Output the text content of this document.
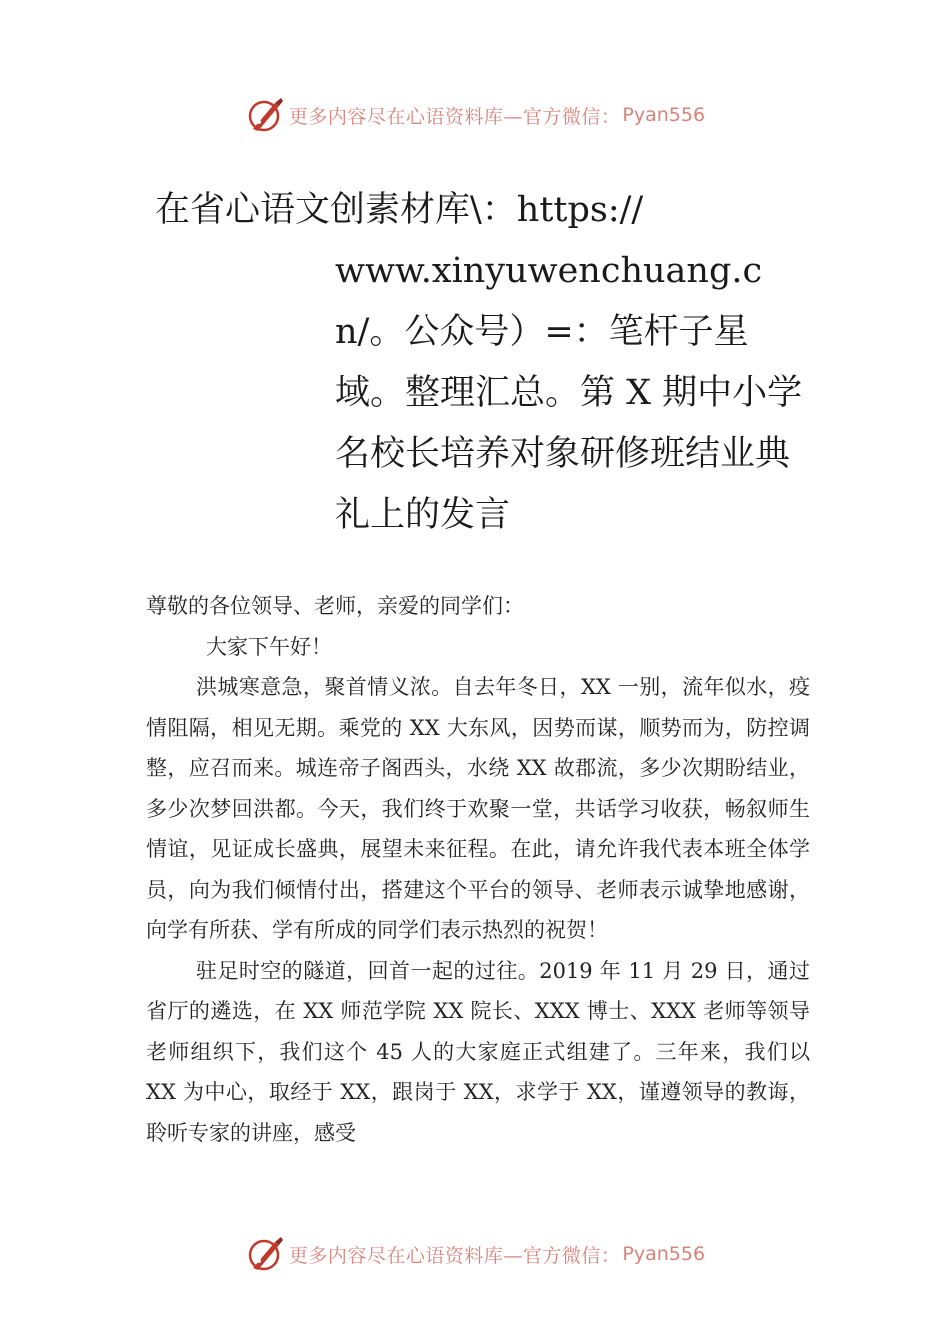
更多内容尽在心语资料库—官方微信： Pyan556
在省心语文创素材库\：https://
www.xinyuwenchuang.cn/。公众号）=：笔杆子星域。整理汇总。第 X 期中小学名校长培养对象研修班结业典礼上的发言

尊敬的各位领导、老师，亲爱的同学们：

大家下午好！

洪城寒意急，聚首情义浓。自去年冬日，XX 一别，流年似水，疫情阻隔，相见无期。乘党的 XX 大东风，因势而谋，顺势而为，防控调整，应召而来。城连帝子阁西头，水绕 XX 故郡流，多少次期盼结业，多少次梦回洪都。今天，我们终于欢聚一堂，共话学习收获，畅叙师生情谊，见证成长盛典，展望未来征程。在此，请允许我代表本班全体学员，向为我们倾情付出，搭建这个平台的领导、老师表示诚挚地感谢， 向学有所获、学有所成的同学们表示热烈的祝贺！

驻足时空的隧道，回首一起的过往。2019 年 11 月 29 日，通过省厅的遴选，在 XX 师范学院 XX 院长、XXX 博士、XXX 老师等领导老师组织下，我们这个 45 人的大家庭正式组建了。三年来，我们以 XX 为中心，取经于 XX，跟岗于 XX，求学于 XX，谨遵领导的教诲，聆听专家的讲座，感受

更多内容尽在心语资料库—官方微信： Pyan556
